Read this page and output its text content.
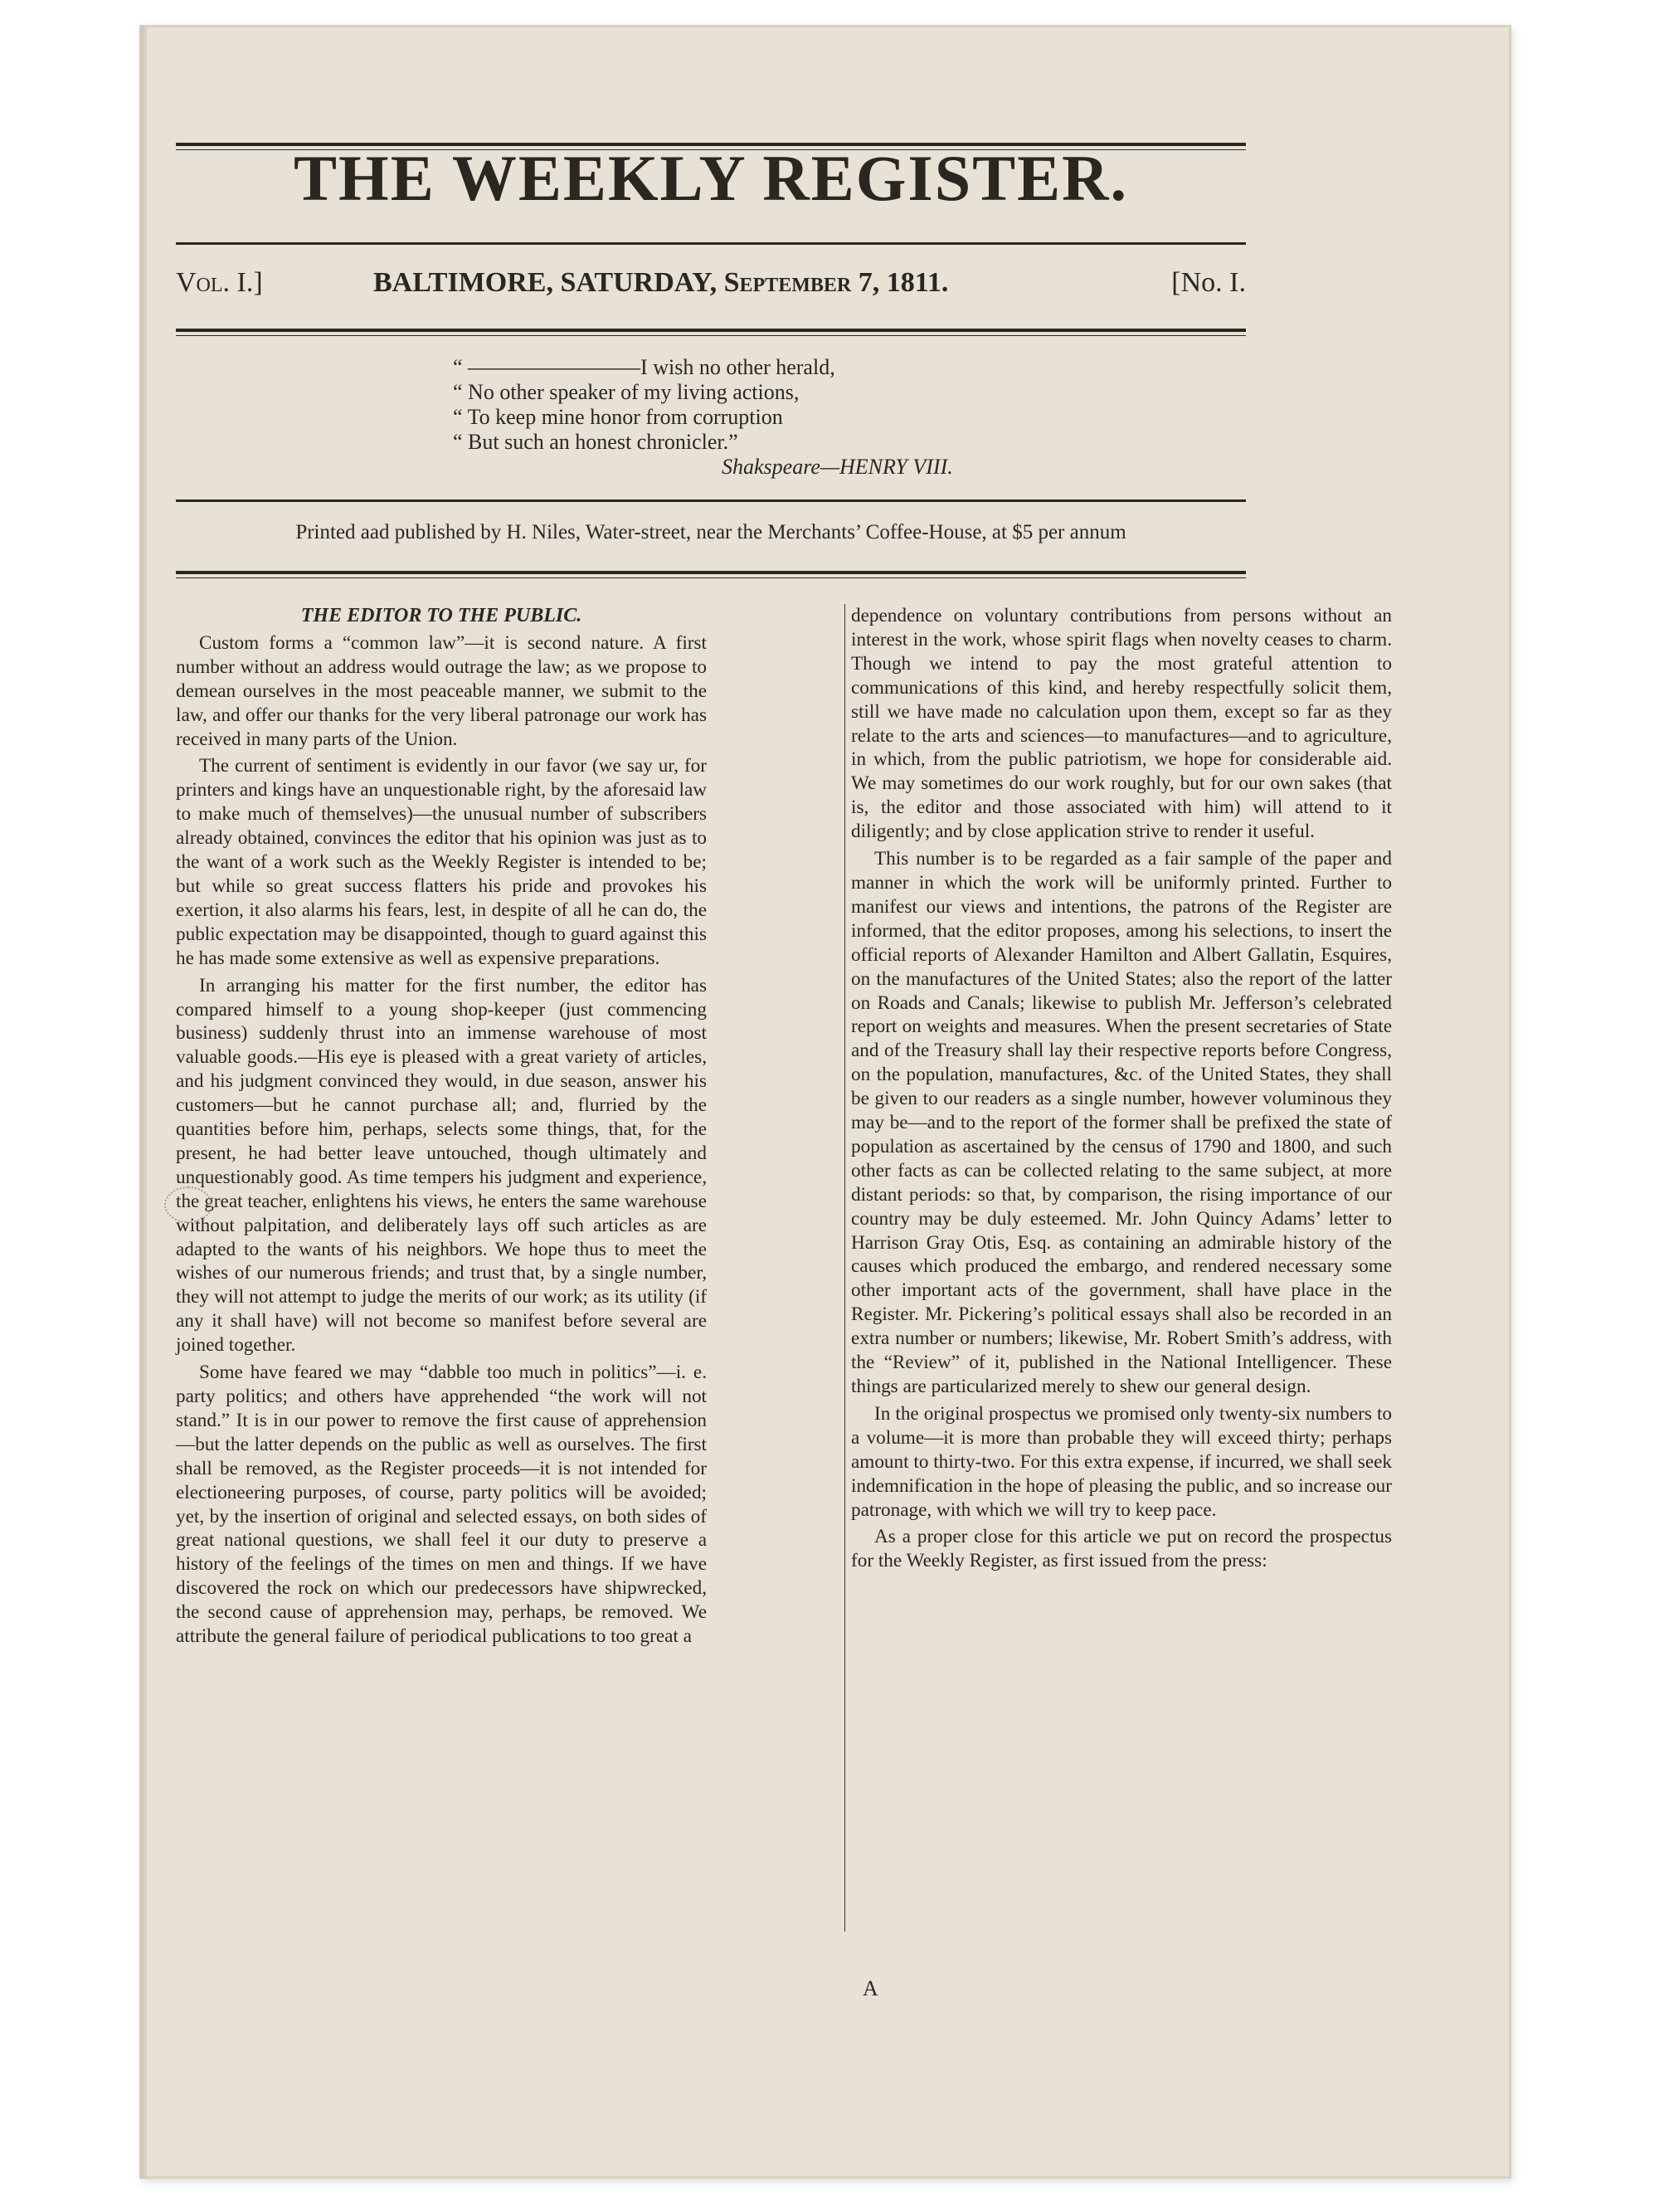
THE WEEKLY REGISTER.
Vol. I.]	BALTIMORE, SATURDAY, September 7, 1811.	[No. I.
“ ————————I wish no other herald,
“ No other speaker of my living actions,
“ To keep mine honor from corruption
“ But such an honest chronicler.”
Shakspeare—HENRY VIII.
Printed aad published by H. Niles, Water-street, near the Merchants’ Coffee-House, at $5 per annum

THE EDITOR TO THE PUBLIC.

Custom forms a “common law”—it is second nature. A first number without an address would outrage the law; as we propose to demean ourselves in the most peaceable manner, we submit to the law, and offer our thanks for the very liberal patronage our work has received in many parts of the Union.

The current of sentiment is evidently in our favor (we say ur, for printers and kings have an unquestionable right, by the aforesaid law to make much of themselves)—the unusual number of subscribers already obtained, convinces the editor that his opinion was just as to the want of a work such as the Weekly Register is intended to be; but while so great success flatters his pride and provokes his exertion, it also alarms his fears, lest, in despite of all he can do, the public expectation may be disappointed, though to guard against this he has made some extensive as well as expensive preparations.

In arranging his matter for the first number, the editor has compared himself to a young shop-keeper (just commencing business) suddenly thrust into an immense warehouse of most valuable goods.—His eye is pleased with a great variety of articles, and his judgment convinced they would, in due season, answer his customers—but he cannot purchase all; and, flurried by the quantities before him, perhaps, selects some things, that, for the present, he had better leave untouched, though ultimately and unquestionably good. As time tempers his judgment and experience, the great teacher, enlightens his views, he enters the same warehouse without palpitation, and deliberately lays off such articles as are adapted to the wants of his neighbors. We hope thus to meet the wishes of our numerous friends; and trust that, by a single number, they will not attempt to judge the merits of our work; as its utility (if any it shall have) will not become so manifest before several are joined together.

Some have feared we may “dabble too much in politics”—i. e. party politics; and others have apprehended “the work will not stand.” It is in our power to remove the first cause of apprehension—but the latter depends on the public as well as ourselves. The first shall be removed, as the Register proceeds—it is not intended for electioneering purposes, of course, party politics will be avoided; yet, by the insertion of original and selected essays, on both sides of great national questions, we shall feel it our duty to preserve a history of the feelings of the times on men and things. If we have discovered the rock on which our predecessors have shipwrecked, the second cause of apprehension may, perhaps, be removed. We attribute the general failure of periodical publications to too great a

dependence on voluntary contributions from persons without an interest in the work, whose spirit flags when novelty ceases to charm. Though we intend to pay the most grateful attention to communications of this kind, and hereby respectfully solicit them, still we have made no calculation upon them, except so far as they relate to the arts and sciences—to manufactures—and to agriculture, in which, from the public patriotism, we hope for considerable aid. We may sometimes do our work roughly, but for our own sakes (that is, the editor and those associated with him) will attend to it diligently; and by close application strive to render it useful.

This number is to be regarded as a fair sample of the paper and manner in which the work will be uniformly printed. Further to manifest our views and intentions, the patrons of the Register are informed, that the editor proposes, among his selections, to insert the official reports of Alexander Hamilton and Albert Gallatin, Esquires, on the manufactures of the United States; also the report of the latter on Roads and Canals; likewise to publish Mr. Jefferson’s celebrated report on weights and measures. When the present secretaries of State and of the Treasury shall lay their respective reports before Congress, on the population, manufactures, &c. of the United States, they shall be given to our readers as a single number, however voluminous they may be—and to the report of the former shall be prefixed the state of population as ascertained by the census of 1790 and 1800, and such other facts as can be collected relating to the same subject, at more distant periods: so that, by comparison, the rising importance of our country may be duly esteemed. Mr. John Quincy Adams’ letter to Harrison Gray Otis, Esq. as containing an admirable history of the causes which produced the embargo, and rendered necessary some other important acts of the government, shall have place in the Register. Mr. Pickering’s political essays shall also be recorded in an extra number or numbers; likewise, Mr. Robert Smith’s address, with the “Review” of it, published in the National Intelligencer. These things are particularized merely to shew our general design.

In the original prospectus we promised only twenty-six numbers to a volume—it is more than probable they will exceed thirty; perhaps amount to thirty-two. For this extra expense, if incurred, we shall seek indemnification in the hope of pleasing the public, and so increase our patronage, with which we will try to keep pace.

As a proper close for this article we put on record the prospectus for the Weekly Register, as first issued from the press:

A
